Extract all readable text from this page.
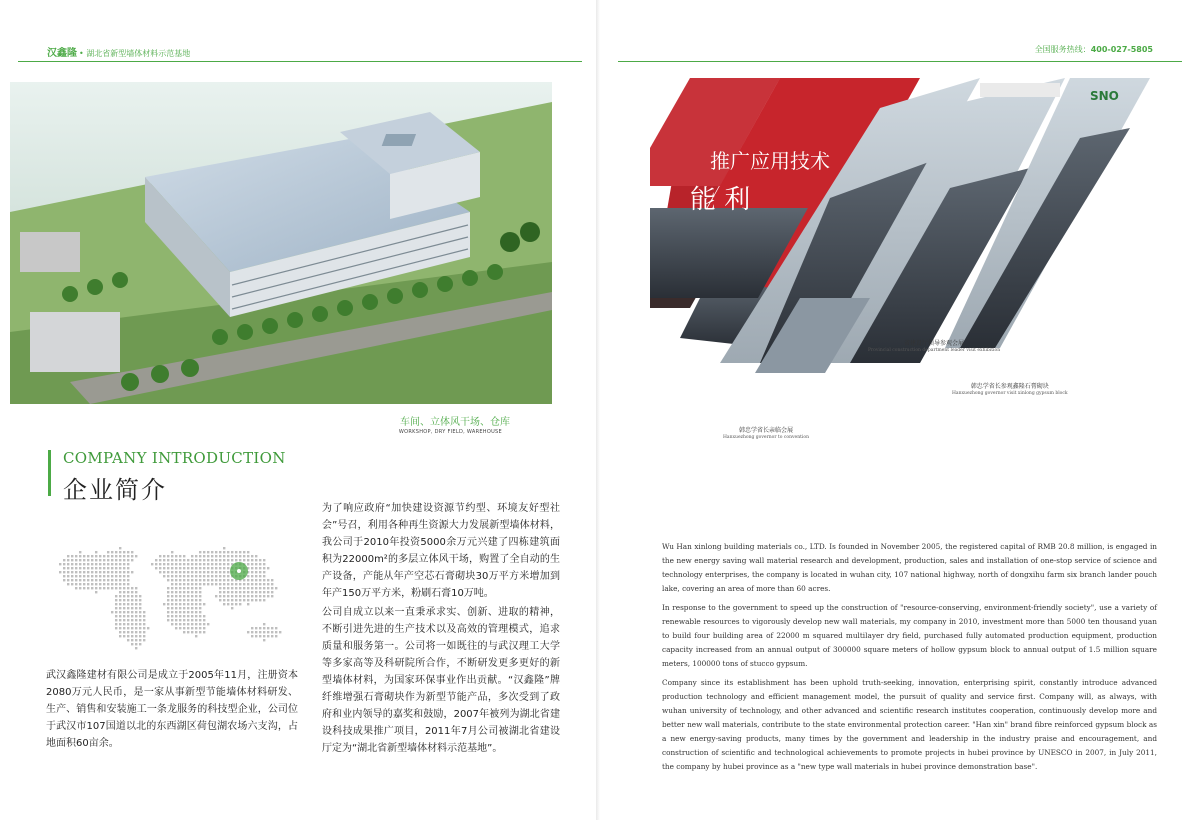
汉鑫隆 • 湖北省新型墙体材料示范基地
车间、立体风干场、仓库
WORKSHOP, DRY FIELD, WAREHOUSE
COMPANY INTRODUCTION
企业简介

武汉鑫隆建材有限公司是成立于2005年11月，注册资本2080万元人民币，是一家从事新型节能墙体材料研发、生产、销售和安装施工一条龙服务的科技型企业，公司位于武汉市107国道以北的东西湖区荷包湖农场六支沟，占地面积60亩余。

为了响应政府“加快建设资源节约型、环境友好型社会”号召，利用各种再生资源大力发展新型墙体材料，我公司于2010年投资5000余万元兴建了四栋建筑面积为22000m²的多层立体风干场，购置了全自动的生产设备，产能从年产空芯石膏砌块30万平方米增加到年产150万平方米，粉刷石膏10万吨。

公司自成立以来一直秉承求实、创新、进取的精神，不断引进先进的生产技术以及高效的管理模式，追求质量和服务第一。公司将一如既往的与武汉理工大学等多家高等及科研院所合作，不断研发更多更好的新型墙体材料，为国家环保事业作出贡献。“汉鑫隆”牌纤维增强石膏砌块作为新型节能产品，多次受到了政府和业内领导的嘉奖和鼓励，2007年被列为湖北省建设科技成果推广项目，2011年7月公司被湖北省建设厅定为“湖北省新型墙体材料示范基地”。

全国服务热线：400-027-5805
推广应用技术
能 利
SNO
省建设厅领导参观会展
Provincial construction department leader visit exhibition
韩忠学省长参观鑫隆石膏砌块
Hanxuezhong governor visit xinlong gypsum block
韩忠学省长亲临会展
Hanxuezhong governor to convention

Wu Han xinlong building materials co., LTD. Is founded in November 2005, the registered capital of RMB 20.8 million, is engaged in the new energy saving wall material research and development, production, sales and installation of one-stop service of science and technology enterprises, the company is located in wuhan city, 107 national highway, north of dongxihu farm six branch lander pouch lake, covering an area of more than 60 acres.

In response to the government to speed up the construction of "resource-conserving, environment-friendly society", use a variety of renewable resources to vigorously develop new wall materials, my company in 2010, investment more than 5000 ten thousand yuan to build four building area of 22000 m squared multilayer dry field, purchased fully automated production equipment, production capacity increased from an annual output of 300000 square meters of hollow gypsum block to annual output of 1.5 million square meters, 100000 tons of stucco gypsum.

Company since its establishment has been uphold truth-seeking, innovation, enterprising spirit, constantly introduce advanced production technology and efficient management model, the pursuit of quality and service first. Company will, as always, with wuhan university of technology, and other advanced and scientific research institutes cooperation, continuously develop more and better new wall materials, contribute to the state environmental protection career. "Han xin" brand fibre reinforced gypsum block as a new energy-saving products, many times by the government and leadership in the industry praise and encouragement, and construction of scientific and technological achievements to promote projects in hubei province by UNESCO in 2007, in July 2011, the company by hubei province as a "new type wall materials in hubei province demonstration base".
